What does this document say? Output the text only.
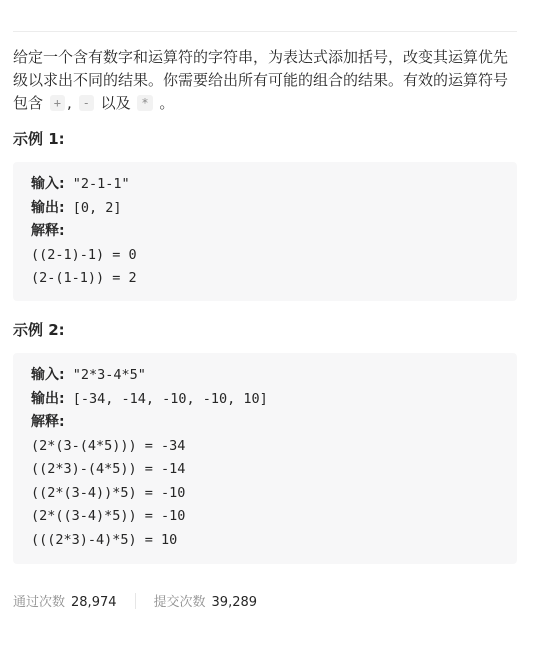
给定一个含有数字和运算符的字符串，为表达式添加括号，改变其运算优先

级以求出不同的结果。你需要给出所有可能的组合的结果。有效的运算符号

包含 + , - 以及 * 。

示例 1:
输入: "2-1-1"
输出: [0, 2]
解释:
((2-1)-1) = 0
(2-(1-1)) = 2
示例 2:
输入: "2*3-4*5"
输出: [-34, -14, -10, -10, 10]
解释:
(2*(3-(4*5))) = -34
((2*3)-(4*5)) = -14
((2*(3-4))*5) = -10
(2*((3-4)*5)) = -10
(((2*3)-4)*5) = 10
通过次数 28,974	提交次数 39,289
